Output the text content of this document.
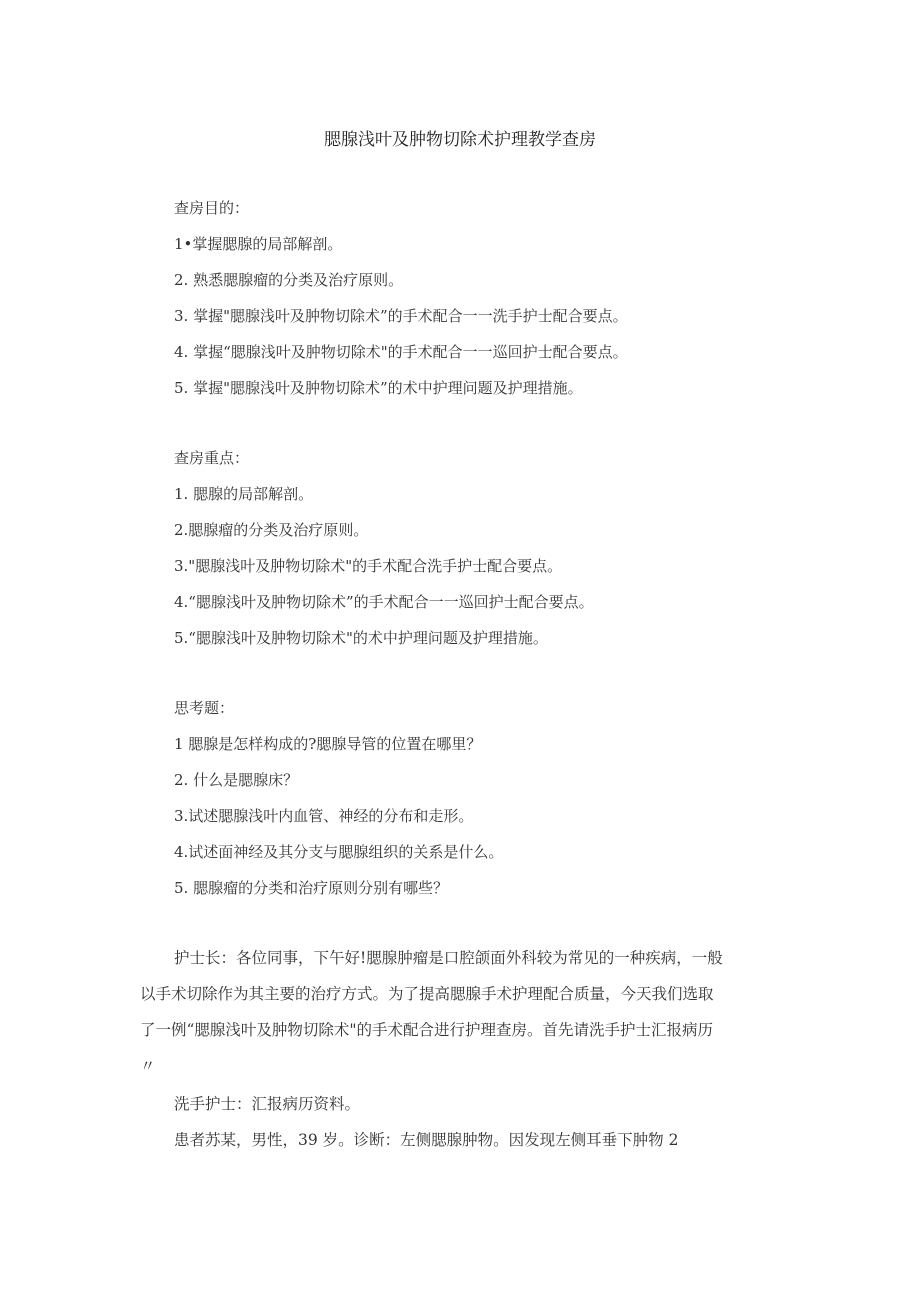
腮腺浅叶及肿物切除术护理教学查房
查房目的：
1•掌握腮腺的局部解剖。
2. 熟悉腮腺瘤的分类及治疗原则。
3. 掌握"腮腺浅叶及肿物切除术”的手术配合一一洗手护士配合要点。
4. 掌握“腮腺浅叶及肿物切除术"的手术配合一一巡回护士配合要点。
5. 掌握"腮腺浅叶及肿物切除术”的术中护理问题及护理措施。
查房重点：
1. 腮腺的局部解剖。
2.腮腺瘤的分类及治疗原则。
3."腮腺浅叶及肿物切除术"的手术配合洗手护士配合要点。
4.“腮腺浅叶及肿物切除术”的手术配合一一巡回护士配合要点。
5.“腮腺浅叶及肿物切除术"的术中护理问题及护理措施。
思考题：
1 腮腺是怎样构成的?腮腺导管的位置在哪里？
2. 什么是腮腺床？
3.试述腮腺浅叶内血管、神经的分布和走形。
4.试述面神经及其分支与腮腺组织的关系是什么。
5. 腮腺瘤的分类和治疗原则分别有哪些？
护士长：各位同事，下午好!腮腺肿瘤是口腔颌面外科较为常见的一种疾病，一般
以手术切除作为其主要的治疗方式。为了提高腮腺手术护理配合质量，今天我们选取
了一例“腮腺浅叶及肿物切除术"的手术配合进行护理查房。首先请洗手护士汇报病历
〃
洗手护士：汇报病历资料。
患者苏某，男性，39 岁。诊断：左侧腮腺肿物。因发现左侧耳垂下肿物 2
